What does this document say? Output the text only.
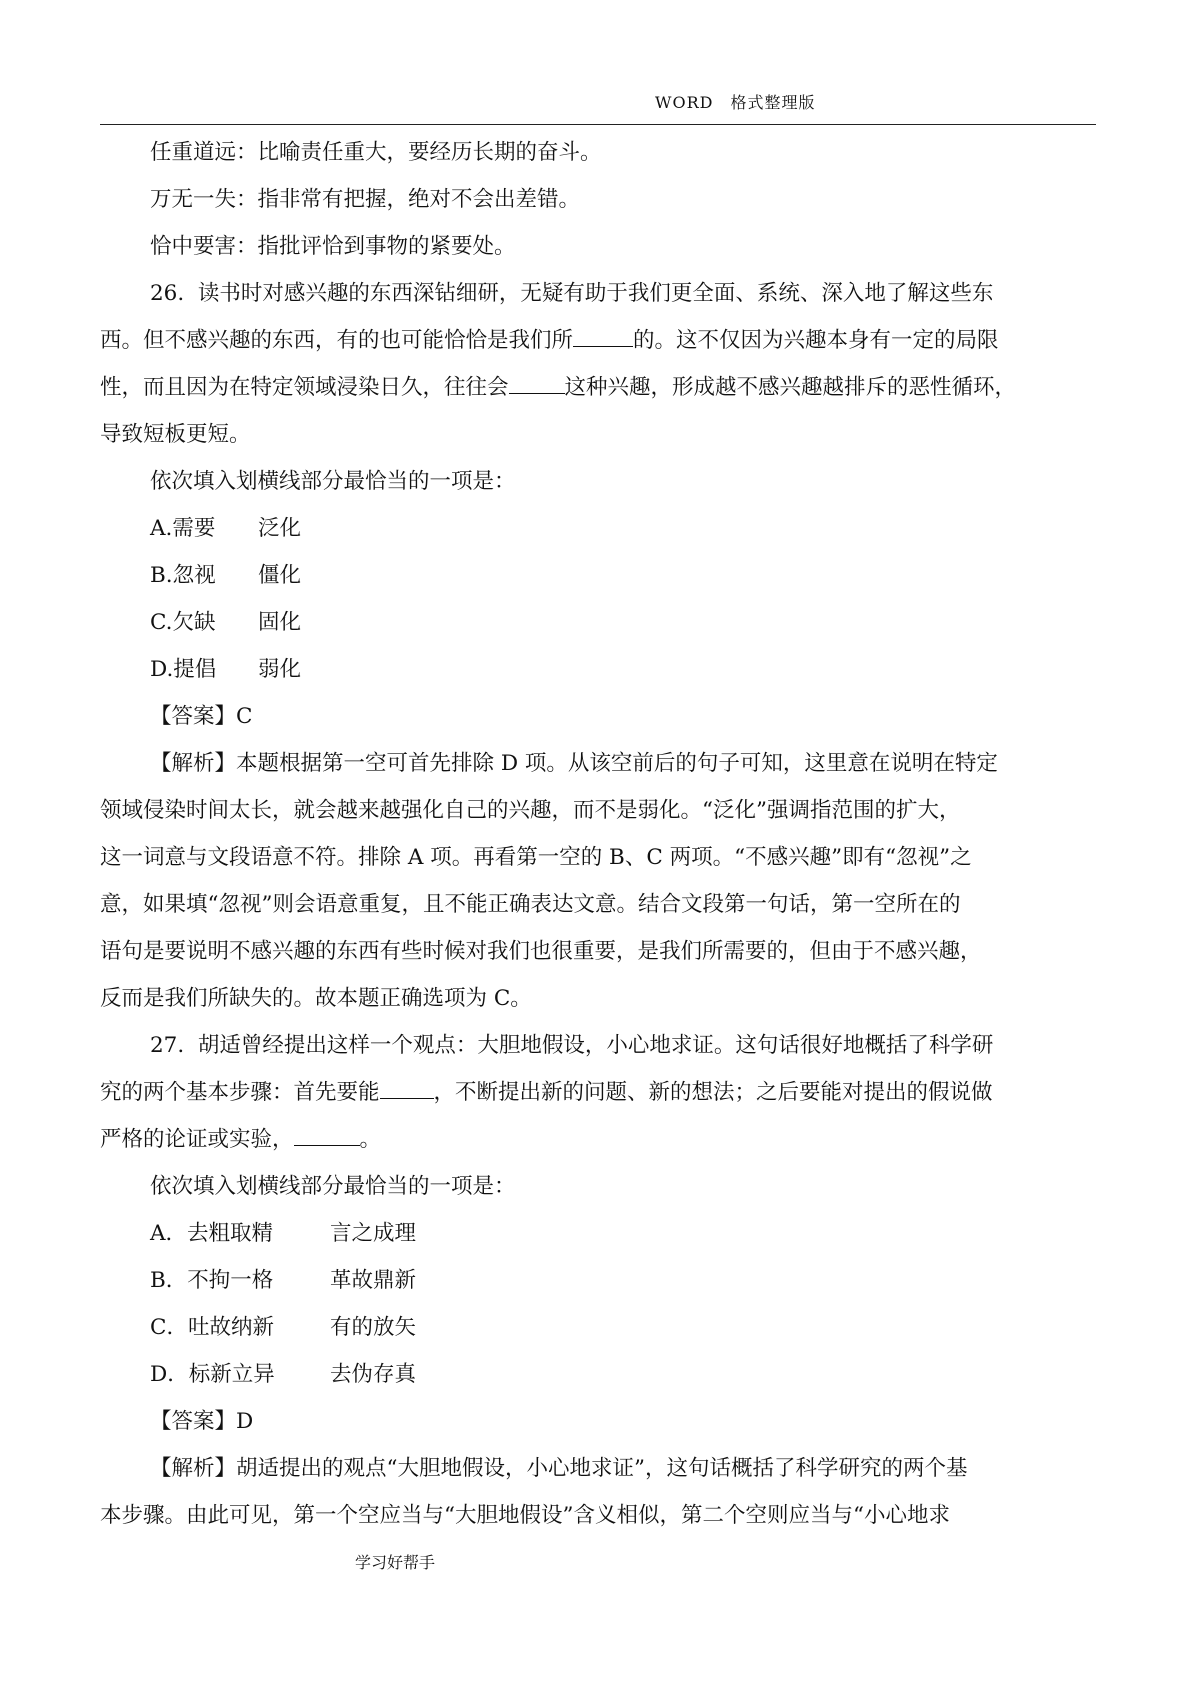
WORD　格式整理版

任重道远：比喻责任重大，要经历长期的奋斗。

万无一失：指非常有把握，绝对不会出差错。

恰中要害：指批评恰到事物的紧要处。

26.  读书时对感兴趣的东西深钻细研，无疑有助于我们更全面、系统、深入地了解这些东

西。但不感兴趣的东西，有的也可能恰恰是我们所	的。这不仅因为兴趣本身有一定的局限

性，而且因为在特定领域浸染日久，往往会	这种兴趣，形成越不感兴趣越排斥的恶性循环，

导致短板更短。

依次填入划横线部分最恰当的一项是：

A.需要 泛化

B.忽视 僵化

C.欠缺 固化

D.提倡 弱化

【答案】C

【解析】本题根据第一空可首先排除 D 项。从该空前后的句子可知，这里意在说明在特定

领域侵染时间太长，就会越来越强化自己的兴趣，而不是弱化。“泛化”强调指范围的扩大，

这一词意与文段语意不符。排除 A 项。再看第一空的 B、C 两项。“不感兴趣”即有“忽视”之

意，如果填“忽视”则会语意重复，且不能正确表达文意。结合文段第一句话，第一空所在的

语句是要说明不感兴趣的东西有些时候对我们也很重要，是我们所需要的，但由于不感兴趣，

反而是我们所缺失的。故本题正确选项为 C。

27.  胡适曾经提出这样一个观点：大胆地假设，小心地求证。这句话很好地概括了科学研

究的两个基本步骤：首先要能	，不断提出新的问题、新的想法；之后要能对提出的假说做

严格的论证或实验，	。

依次填入划横线部分最恰当的一项是：

A．去粗取精	言之成理

B．不拘一格	革故鼎新

C．吐故纳新	有的放矢

D．标新立异	去伪存真

【答案】D

【解析】胡适提出的观点“大胆地假设，小心地求证”，这句话概括了科学研究的两个基

本步骤。由此可见，第一个空应当与“大胆地假设”含义相似，第二个空则应当与“小心地求

学习好帮手
